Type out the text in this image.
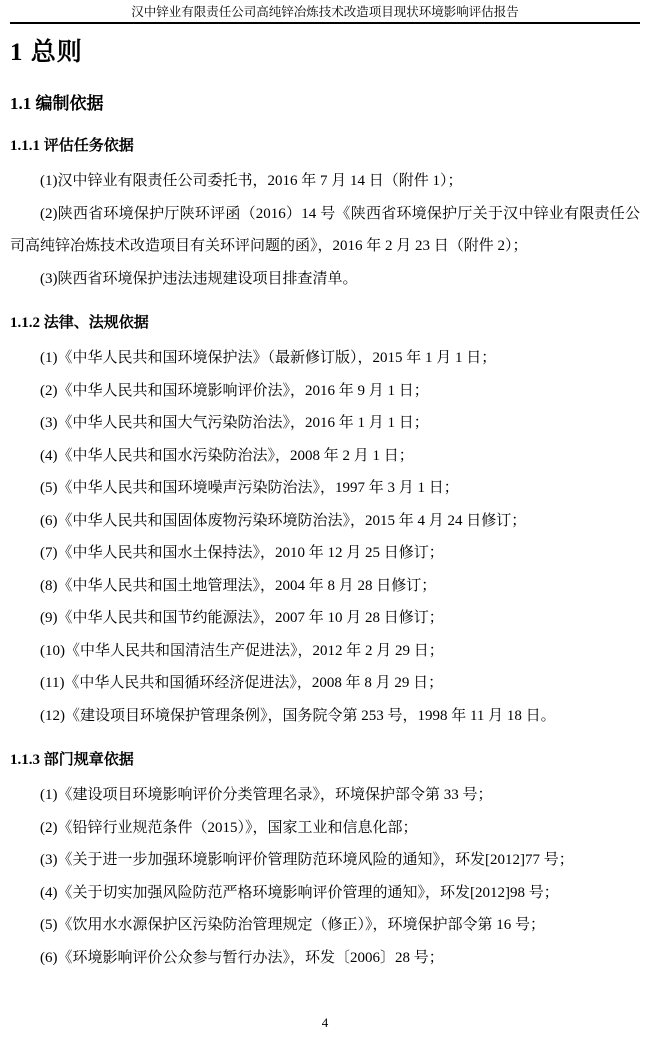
汉中锌业有限责任公司高纯锌冶炼技术改造项目现状环境影响评估报告
1 总则
1.1 编制依据
1.1.1 评估任务依据

(1)汉中锌业有限责任公司委托书，2016 年 7 月 14 日（附件 1）；

(2)陕西省环境保护厅陕环评函（2016）14 号《陕西省环境保护厅关于汉中锌业有限责任公司高纯锌冶炼技术改造项目有关环评问题的函》，2016 年 2 月 23 日（附件 2）；

(3)陕西省环境保护违法违规建设项目排查清单。

1.1.2 法律、法规依据

(1)《中华人民共和国环境保护法》（最新修订版），2015 年 1 月 1 日；

(2)《中华人民共和国环境影响评价法》，2016 年 9 月 1 日；

(3)《中华人民共和国大气污染防治法》，2016 年 1 月 1 日；

(4)《中华人民共和国水污染防治法》，2008 年 2 月 1 日；

(5)《中华人民共和国环境噪声污染防治法》，1997 年 3 月 1 日；

(6)《中华人民共和国固体废物污染环境防治法》，2015 年 4 月 24 日修订；

(7)《中华人民共和国水土保持法》，2010 年 12 月 25 日修订；

(8)《中华人民共和国土地管理法》，2004 年 8 月 28 日修订；

(9)《中华人民共和国节约能源法》，2007 年 10 月 28 日修订；

(10)《中华人民共和国清洁生产促进法》，2012 年 2 月 29 日；

(11)《中华人民共和国循环经济促进法》，2008 年 8 月 29 日；

(12)《建设项目环境保护管理条例》，国务院令第 253 号，1998 年 11 月 18 日。

1.1.3 部门规章依据

(1)《建设项目环境影响评价分类管理名录》，环境保护部令第 33 号；

(2)《铅锌行业规范条件（2015）》，国家工业和信息化部；

(3)《关于进一步加强环境影响评价管理防范环境风险的通知》，环发[2012]77 号；

(4)《关于切实加强风险防范严格环境影响评价管理的通知》，环发[2012]98 号；

(5)《饮用水水源保护区污染防治管理规定（修正）》，环境保护部令第 16 号；

(6)《环境影响评价公众参与暂行办法》，环发〔2006〕28 号；

4
